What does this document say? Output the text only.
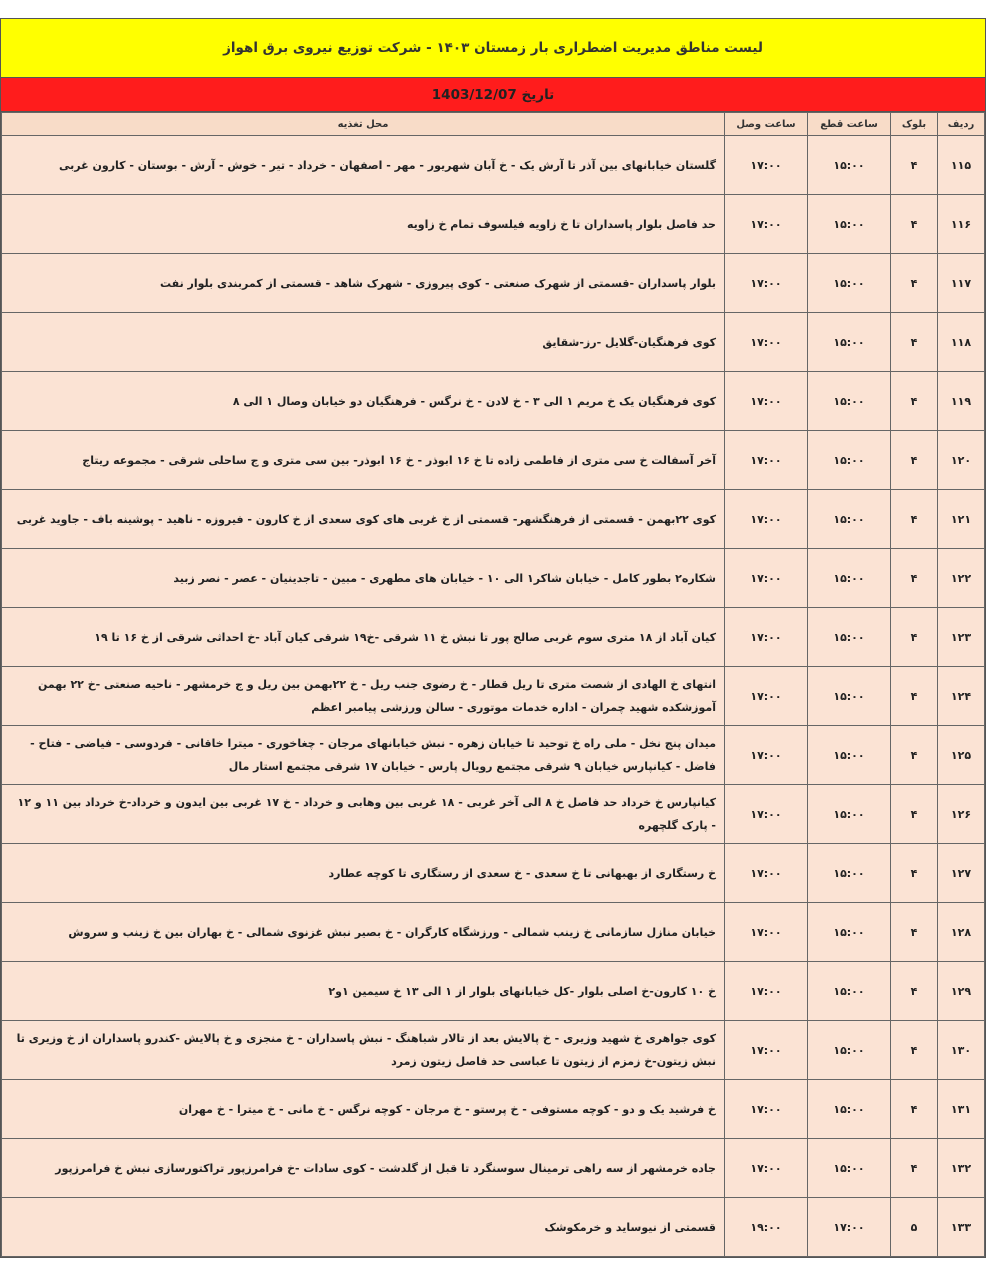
لیست مناطق مدیریت اضطراری بار زمستان ۱۴۰۳ - شرکت توزیع نیروی برق اهواز
تاریخ 1403/12/07
ردیف	بلوک	ساعت قطع	ساعت وصل	محل تغذیه
۱۱۵	۴	۱۵:۰۰	۱۷:۰۰	گلستان خیابانهای بین آذر تا آرش یک - خ آبان شهریور - مهر - اصفهان - خرداد - تیر - خوش - آرش - بوستان - کارون غربی
۱۱۶	۴	۱۵:۰۰	۱۷:۰۰	حد فاصل بلوار پاسداران تا خ زاویه فیلسوف تمام خ زاویه
۱۱۷	۴	۱۵:۰۰	۱۷:۰۰	بلوار پاسداران -قسمتی از شهرک صنعتی - کوی پیروزی - شهرک شاهد - قسمتی از کمربندی بلوار نفت
۱۱۸	۴	۱۵:۰۰	۱۷:۰۰	کوی فرهنگیان-گلایل -رز-شقایق
۱۱۹	۴	۱۵:۰۰	۱۷:۰۰	کوی فرهنگیان یک خ مریم ۱ الی ۳ - خ لادن - خ نرگس - فرهنگیان دو خیابان وصال ۱ الی ۸
۱۲۰	۴	۱۵:۰۰	۱۷:۰۰	آخر آسفالت خ سی متری از فاطمی زاده تا خ ۱۶ ابوذر - خ ۱۶ ابوذر- بین سی متری و ج ساحلی شرقی - مجموعه ریتاج
۱۲۱	۴	۱۵:۰۰	۱۷:۰۰	کوی ۲۲بهمن - قسمتی از فرهنگشهر- قسمتی از خ غربی های کوی سعدی از خ کارون - فیروزه - ناهید - پوشینه باف - جاوید غربی
۱۲۲	۴	۱۵:۰۰	۱۷:۰۰	شکاره۲ بطور کامل - خیابان شاکر۱ الی ۱۰ - خیابان های مطهری - مبین - تاجدینیان - عصر - نصر زبید
۱۲۳	۴	۱۵:۰۰	۱۷:۰۰	کیان آباد از ۱۸ متری سوم غربی صالح پور تا نبش خ ۱۱ شرقی -خ۱۹ شرقی کیان آباد -خ احداثی شرقی از خ ۱۶ تا ۱۹
۱۲۴	۴	۱۵:۰۰	۱۷:۰۰	انتهای خ الهادی از شصت متری تا ریل قطار - خ رضوی جنب ریل - خ ۲۲بهمن بین ریل و ج خرمشهر - ناحیه صنعتی -خ ۲۲ بهمن آموزشکده شهید چمران - اداره خدمات موتوری - سالن ورزشی پیامبر اعظم
۱۲۵	۴	۱۵:۰۰	۱۷:۰۰	میدان پنج نخل - ملی راه خ توحید تا خیابان زهره - نبش خیابانهای مرجان - چغاخوری - میترا خاقانی - فردوسی - فیاضی - فتاح - فاضل - کیانپارس خیابان ۹ شرقی مجتمع رویال پارس - خیابان ۱۷ شرقی مجتمع استار مال
۱۲۶	۴	۱۵:۰۰	۱۷:۰۰	کیانپارس خ خرداد حد فاصل خ ۸ الی آخر غربی - ۱۸ غربی بین وهابی و خرداد - خ ۱۷ غربی بین ایدون و خرداد-خ خرداد بین ۱۱ و ۱۲ - پارک گلچهره
۱۲۷	۴	۱۵:۰۰	۱۷:۰۰	خ رستگاری از بهبهانی تا خ سعدی - خ سعدی از رستگاری تا کوچه عطارد
۱۲۸	۴	۱۵:۰۰	۱۷:۰۰	خیابان منازل سازمانی خ زینب شمالی - ورزشگاه کارگران - خ بصیر نبش غزنوی شمالی - خ بهاران بین خ زینب و سروش
۱۲۹	۴	۱۵:۰۰	۱۷:۰۰	خ ۱۰ کارون-خ اصلی بلوار -کل خیابانهای بلوار از ۱ الی ۱۳ خ سیمین ۱و۲
۱۳۰	۴	۱۵:۰۰	۱۷:۰۰	کوی جواهری خ شهید وزیری - خ پالایش بعد از تالار شباهنگ - نبش پاسداران - خ منجزی و خ پالایش -کندرو پاسداران از خ وزیری تا نبش زیتون-خ زمزم از زیتون تا عباسی حد فاصل زیتون زمرد
۱۳۱	۴	۱۵:۰۰	۱۷:۰۰	خ فرشید یک و دو - کوچه مستوفی - خ پرستو - خ مرجان - کوچه نرگس - خ مانی - خ میترا - خ مهران
۱۳۲	۴	۱۵:۰۰	۱۷:۰۰	جاده خرمشهر از سه راهی ترمینال سوسنگرد تا قبل از گلدشت - کوی سادات -خ فرامرزپور تراکتورسازی نبش خ فرامرزپور
۱۳۳	۵	۱۷:۰۰	۱۹:۰۰	قسمتی از نیوساید و خرمکوشک
